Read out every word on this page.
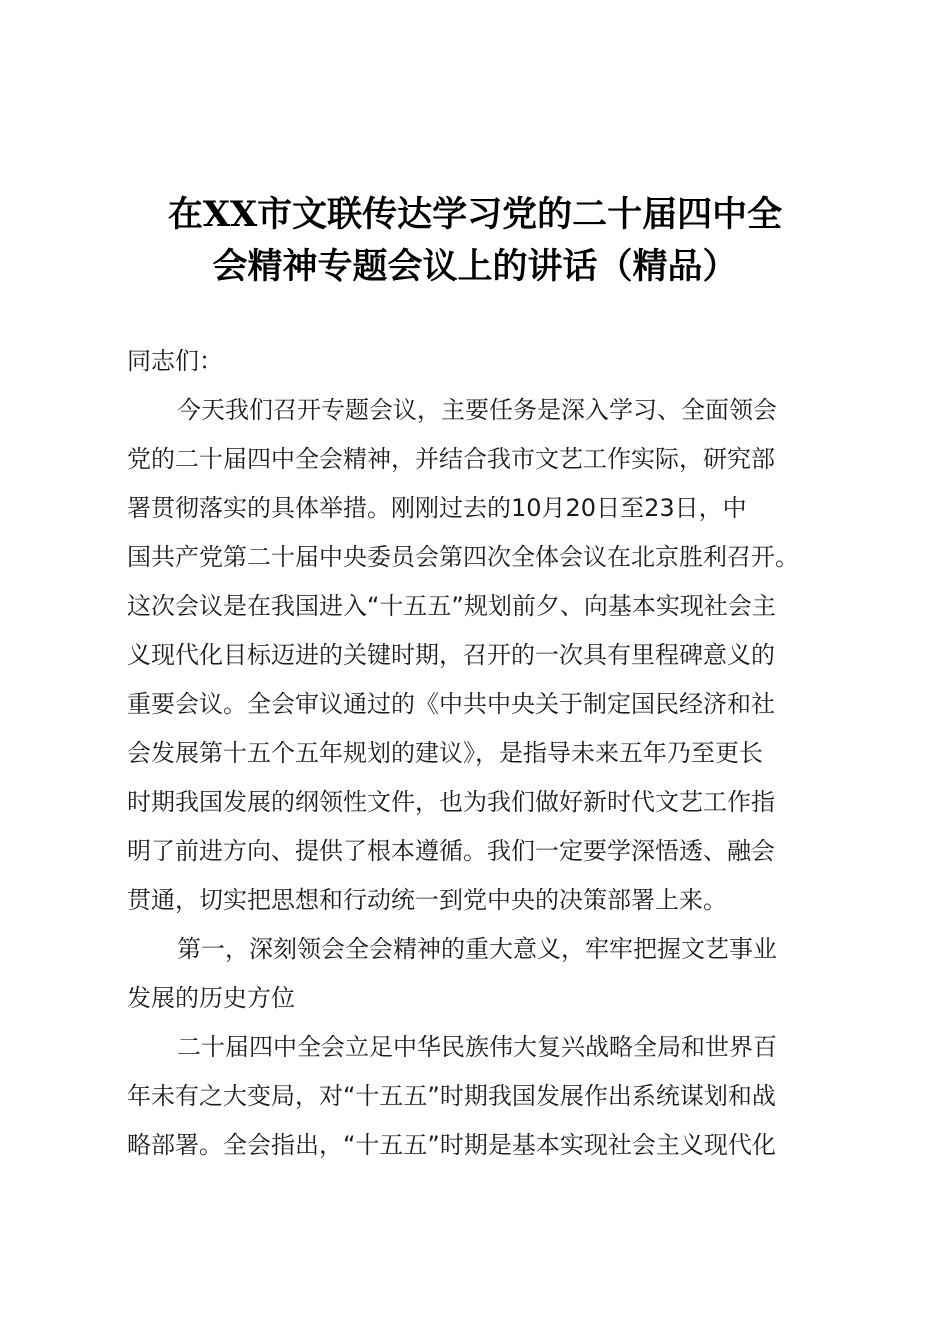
在XX市文联传达学习党的二十届四中全
会精神专题会议上的讲话（精品）
同志们：
今天我们召开专题会议，主要任务是深入学习、全面领会
党的二十届四中全会精神，并结合我市文艺工作实际，研究部
署贯彻落实的具体举措。刚刚过去的10月20日至23日，中
国共产党第二十届中央委员会第四次全体会议在北京胜利召开。
这次会议是在我国进入“十五五”规划前夕、向基本实现社会主
义现代化目标迈进的关键时期，召开的一次具有里程碑意义的
重要会议。全会审议通过的《中共中央关于制定国民经济和社
会发展第十五个五年规划的建议》，是指导未来五年乃至更长
时期我国发展的纲领性文件，也为我们做好新时代文艺工作指
明了前进方向、提供了根本遵循。我们一定要学深悟透、融会
贯通，切实把思想和行动统一到党中央的决策部署上来。
第一，深刻领会全会精神的重大意义，牢牢把握文艺事业
发展的历史方位
二十届四中全会立足中华民族伟大复兴战略全局和世界百
年未有之大变局，对“十五五”时期我国发展作出系统谋划和战
略部署。全会指出，“十五五”时期是基本实现社会主义现代化
